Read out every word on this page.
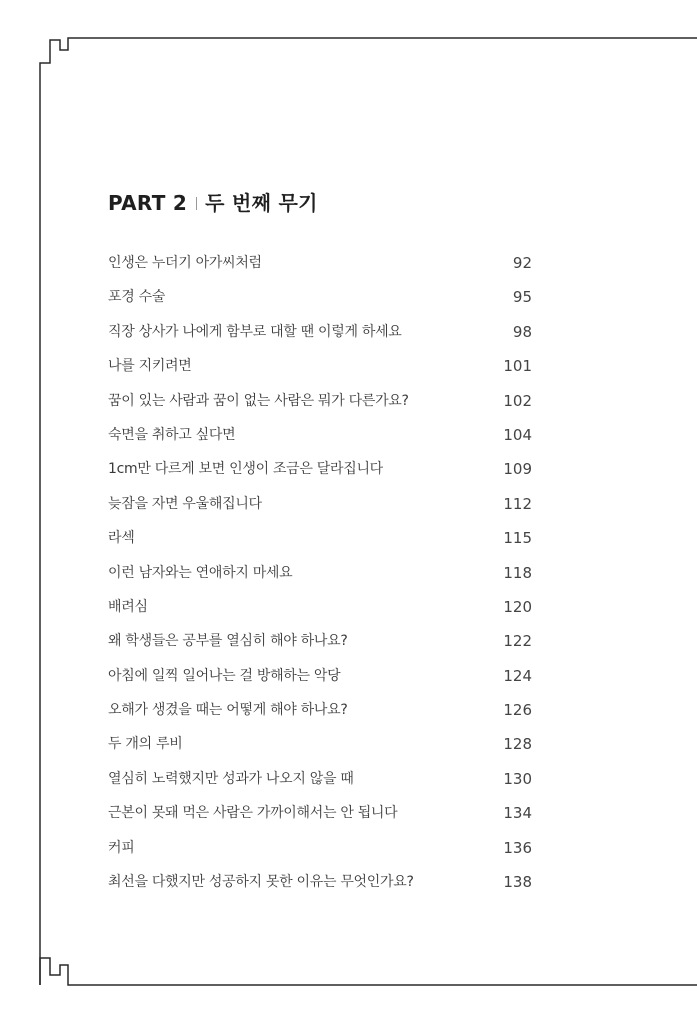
PART 2 두 번째 무기
인생은 누더기 아가씨처럼	92
포경 수술	95
직장 상사가 나에게 함부로 대할 땐 이렇게 하세요	98
나를 지키려면	101
꿈이 있는 사람과 꿈이 없는 사람은 뭐가 다른가요?	102
숙면을 취하고 싶다면	104
1cm만 다르게 보면 인생이 조금은 달라집니다	109
늦잠을 자면 우울해집니다	112
라섹	115
이런 남자와는 연애하지 마세요	118
배려심	120
왜 학생들은 공부를 열심히 해야 하나요?	122
아침에 일찍 일어나는 걸 방해하는 악당	124
오해가 생겼을 때는 어떻게 해야 하나요?	126
두 개의 루비	128
열심히 노력했지만 성과가 나오지 않을 때	130
근본이 못돼 먹은 사람은 가까이해서는 안 됩니다	134
커피	136
최선을 다했지만 성공하지 못한 이유는 무엇인가요?	138
